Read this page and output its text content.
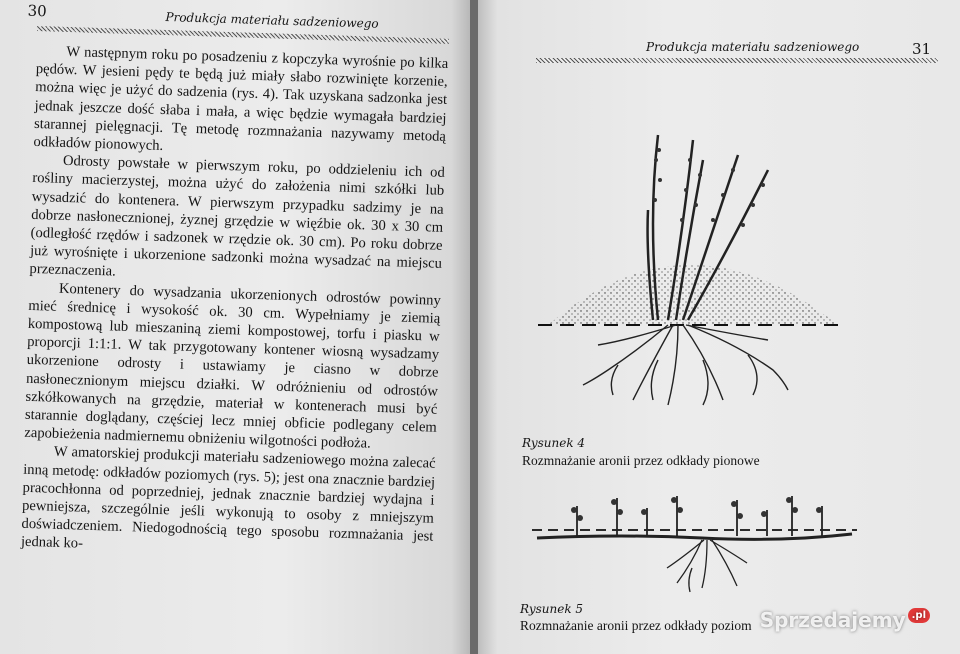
30	Produkcja materiału sadzeniowego

W następnym roku po posadzeniu z kopczyka wyrośnie po kilka pędów. W jesieni pędy te będą już miały słabo rozwinięte korzenie, można więc je użyć do sadzenia (rys. 4). Tak uzyskana sadzonka jest jednak jeszcze dość słaba i mała, a więc będzie wymagała bardziej starannej pielęgnacji. Tę metodę rozmnażania nazywamy metodą odkładów pionowych.

Odrosty powstałe w pierwszym roku, po oddzieleniu ich od rośliny macierzystej, można użyć do założenia nimi szkółki lub wysadzić do kontenera. W pierwszym przypadku sadzimy je na dobrze nasłonecznionej, żyznej grzędzie w więźbie ok. 30 x 30 cm (odległość rzędów i sadzonek w rzędzie ok. 30 cm). Po roku dobrze już wyrośnięte i ukorzenione sadzonki można wysadzać na miejscu przeznaczenia.

Kontenery do wysadzania ukorzenionych odrostów powinny mieć średnicę i wysokość ok. 30 cm. Wypełniamy je ziemią kompostową lub mieszaniną ziemi kompostowej, torfu i piasku w proporcji 1:1:1. W tak przygotowany kontener wiosną wysadzamy ukorzenione odrosty i ustawiamy je ciasno w dobrze nasłonecznionym miejscu działki. W odróżnieniu od odrostów szkółkowanych na grzędzie, materiał w kontenerach musi być starannie doglądany, częściej lecz mniej obficie podlegany celem zapobieżenia nadmiernemu obniżeniu wilgotności podłoża.

W amatorskiej produkcji materiału sadzeniowego można zalecać inną metodę: odkładów poziomych (rys. 5); jest ona znacznie bardziej pracochłonna od poprzedniej, jednak znacznie bardziej wydajna i pewniejsza, szczególnie jeśli wykonują to osoby z mniejszym doświadczeniem. Niedogodnością tego sposobu rozmnażania jest jednak ko-

Produkcja materiału sadzeniowego	31
Rysunek 4
Rozmnażanie aronii przez odkłady pionowe
Rysunek 5
Rozmnażanie aronii przez odkłady poziom Sprzedajemy .pl
